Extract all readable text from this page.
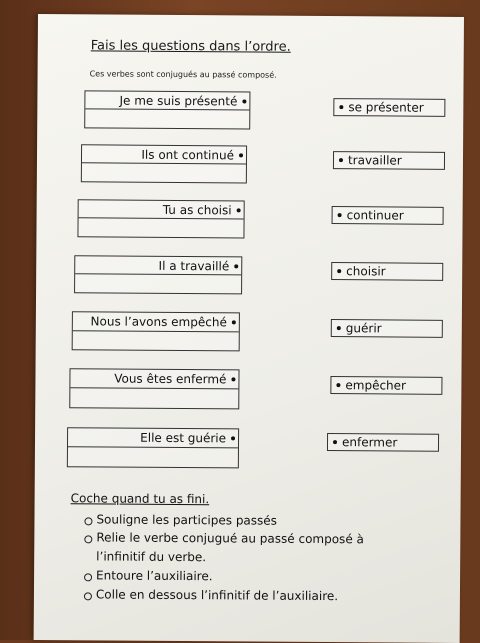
Fais les questions dans l’ordre.
Ces verbes sont conjugués au passé composé.
Je me suis présenté
Ils ont continué
Tu as choisi
Il a travaillé
Nous l’avons empêché
Vous êtes enfermé
Elle est guérie
se présenter
travailler
continuer
choisir
guérir
empêcher
enfermer
Coche quand tu as fini.
Souligne les participes passés
Relie le verbe conjugué au passé composé à
l’infinitif du verbe.
Entoure l’auxiliaire.
Colle en dessous l’infinitif de l’auxiliaire.
